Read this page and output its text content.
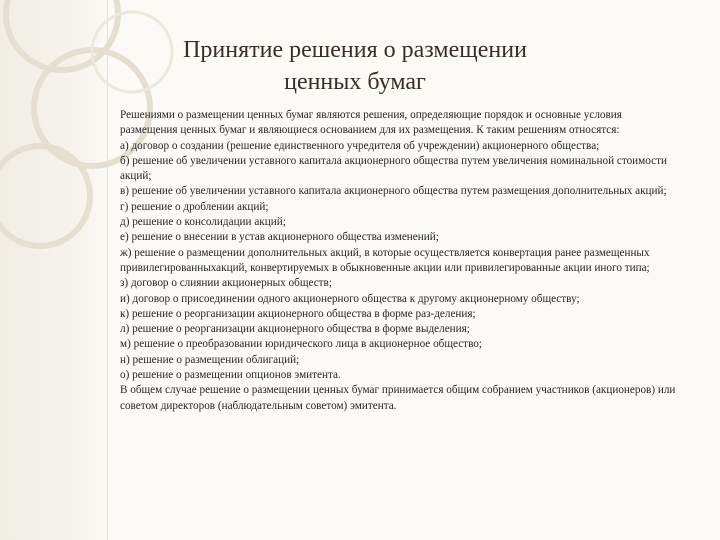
Принятие решения о размещении
ценных бумаг

Решениями о размещении ценных бумаг являются решения, определяющие порядок и основные условия размещения ценных бумаг и являющиеся основанием для их размещения. К таким решениям относятся:

а) договор о создании (решение единственного учредителя об учреждении) акционерного общества;

б) решение об увеличении уставного капитала акционерного общества путем увеличения номинальной стоимости акций;

в) решение об увеличении уставного капитала акционерного общества путем размещения дополнительных акций;

г) решение о дроблении акций;

д) решение о консолидации акций;

е) решение о внесении в устав акционерного общества изменений;

ж) решение о размещении дополнительных акций, в которые осуществляется конвертация ранее размещенных привилегированныхакций, конвертируемых в обыкновенные акции или привилегированные акции иного типа;

з) договор о слиянии акционерных обществ;

и) договор о присоединении одного акционерного общества к другому акционерному обществу;

к) решение о реорганизации акционерного общества в форме раз-деления;

л) решение о реорганизации акционерного общества в форме выделения;

м) решение о преобразовании юридического лица в акционерное общество;

н) решение о размещении облигаций;

о) решение о размещении опционов эмитента.

В общем случае решение о размещении ценных бумаг принимается общим собранием участников (акционеров) или советом директоров (наблюдательным советом) эмитента.
